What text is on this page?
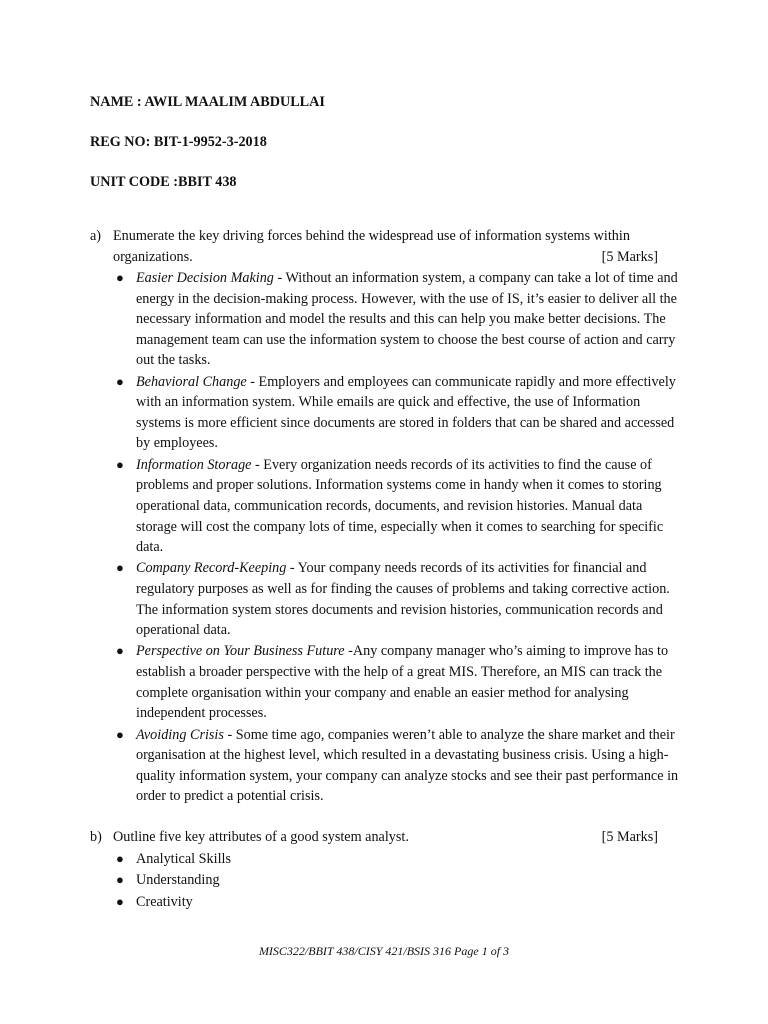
NAME : AWIL MAALIM ABDULLAI
REG NO: BIT-1-9952-3-2018
UNIT CODE :BBIT 438
a) Enumerate the key driving forces behind the widespread use of information systems within organizations.	[5 Marks]
● Easier Decision Making - Without an information system, a company can take a lot of time and energy in the decision-making process. However, with the use of IS, it’s easier to deliver all the necessary information and model the results and this can help you make better decisions. The management team can use the information system to choose the best course of action and carry out the tasks.
● Behavioral Change - Employers and employees can communicate rapidly and more effectively with an information system. While emails are quick and effective, the use of Information systems is more efficient since documents are stored in folders that can be shared and accessed by employees.
● Information Storage - Every organization needs records of its activities to find the cause of problems and proper solutions. Information systems come in handy when it comes to storing operational data, communication records, documents, and revision histories. Manual data storage will cost the company lots of time, especially when it comes to searching for specific data.
● Company Record-Keeping - Your company needs records of its activities for financial and regulatory purposes as well as for finding the causes of problems and taking corrective action. The information system stores documents and revision histories, communication records and operational data.
● Perspective on Your Business Future -Any company manager who’s aiming to improve has to establish a broader perspective with the help of a great MIS. Therefore, an MIS can track the complete organisation within your company and enable an easier method for analysing independent processes.
● Avoiding Crisis - Some time ago, companies weren’t able to analyze the share market and their organisation at the highest level, which resulted in a devastating business crisis. Using a high-quality information system, your company can analyze stocks and see their past performance in order to predict a potential crisis.
b) Outline five key attributes of a good system analyst.	[5 Marks]
● Analytical Skills
● Understanding
● Creativity
MISC322/BBIT 438/CISY 421/BSIS 316 Page 1 of 3
